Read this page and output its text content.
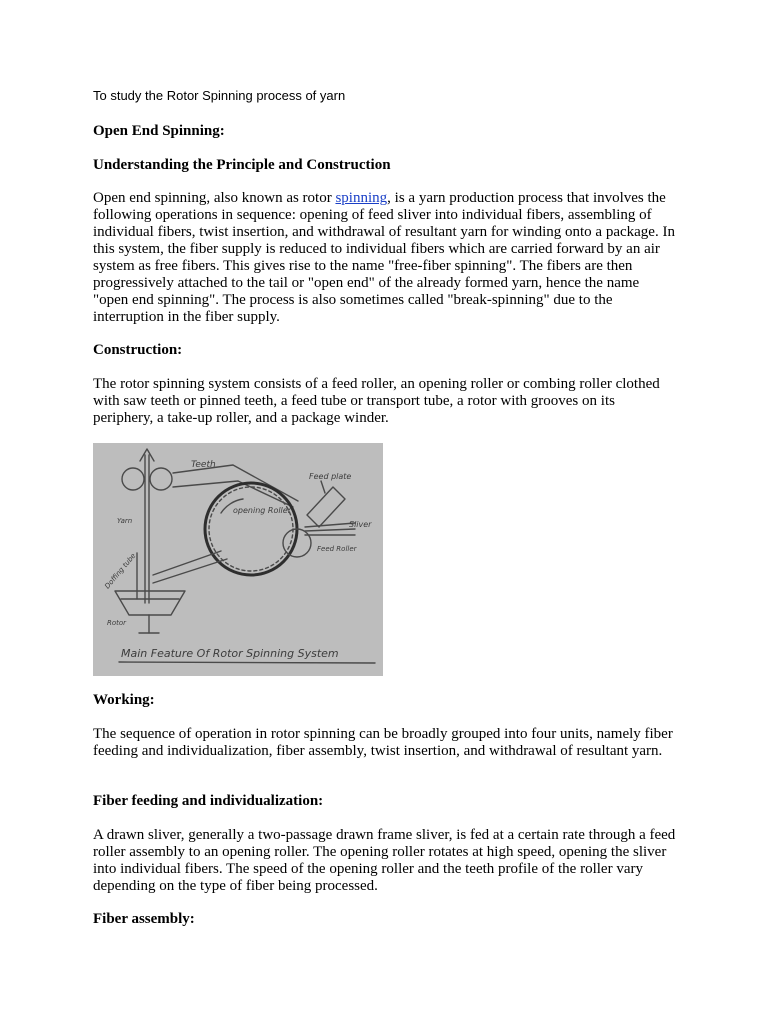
To study the Rotor Spinning process of yarn
Open End Spinning:
Understanding the Principle and Construction

Open end spinning, also known as rotor spinning, is a yarn production process that involves the following operations in sequence: opening of feed sliver into individual fibers, assembling of individual fibers, twist insertion, and withdrawal of resultant yarn for winding onto a package. In this system, the fiber supply is reduced to individual fibers which are carried forward by an air system as free fibers. This gives rise to the name "free-fiber spinning". The fibers are then progressively attached to the tail or "open end" of the already formed yarn, hence the name "open end spinning". The process is also sometimes called "break-spinning" due to the interruption in the fiber supply.

Construction:

The rotor spinning system consists of a feed roller, an opening roller or combing roller clothed with saw teeth or pinned teeth, a feed tube or transport tube, a rotor with grooves on its periphery, a take-up roller, and a package winder.

Teeth
Feed plate
opening Roller
Sliver
Feed Roller
Yarn
Doffing tube
Rotor
Main Feature Of Rotor Spinning System
Working:

The sequence of operation in rotor spinning can be broadly grouped into four units, namely fiber feeding and individualization, fiber assembly, twist insertion, and withdrawal of resultant yarn.

Fiber feeding and individualization:

A drawn sliver, generally a two-passage drawn frame sliver, is fed at a certain rate through a feed roller assembly to an opening roller. The opening roller rotates at high speed, opening the sliver into individual fibers. The speed of the opening roller and the teeth profile of the roller vary depending on the type of fiber being processed.

Fiber assembly:
